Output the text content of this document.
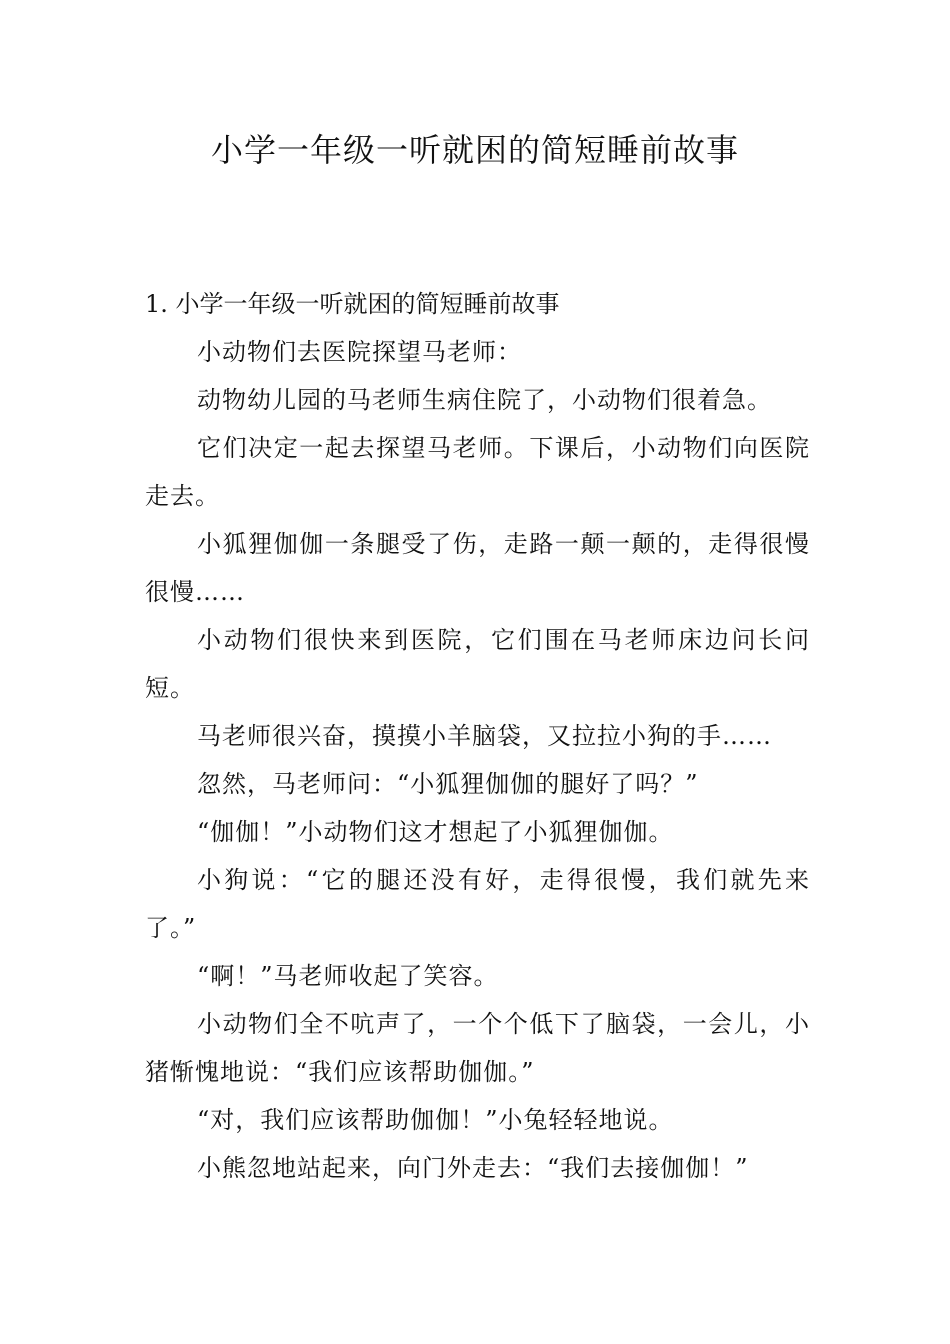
小学一年级一听就困的简短睡前故事

1. 小学一年级一听就困的简短睡前故事

小动物们去医院探望马老师：

动物幼儿园的马老师生病住院了，小动物们很着急。

它们决定一起去探望马老师。下课后，小动物们向医院走去。

小狐狸伽伽一条腿受了伤，走路一颠一颠的，走得很慢很慢……

小动物们很快来到医院，它们围在马老师床边问长问短。

马老师很兴奋，摸摸小羊脑袋，又拉拉小狗的手……

忽然，马老师问：“小狐狸伽伽的腿好了吗？”

“伽伽！”小动物们这才想起了小狐狸伽伽。

小狗说：“它的腿还没有好，走得很慢，我们就先来了。”

“啊！”马老师收起了笑容。

小动物们全不吭声了，一个个低下了脑袋，一会儿，小猪惭愧地说：“我们应该帮助伽伽。”

“对，我们应该帮助伽伽！”小兔轻轻地说。

小熊忽地站起来，向门外走去：“我们去接伽伽！”
